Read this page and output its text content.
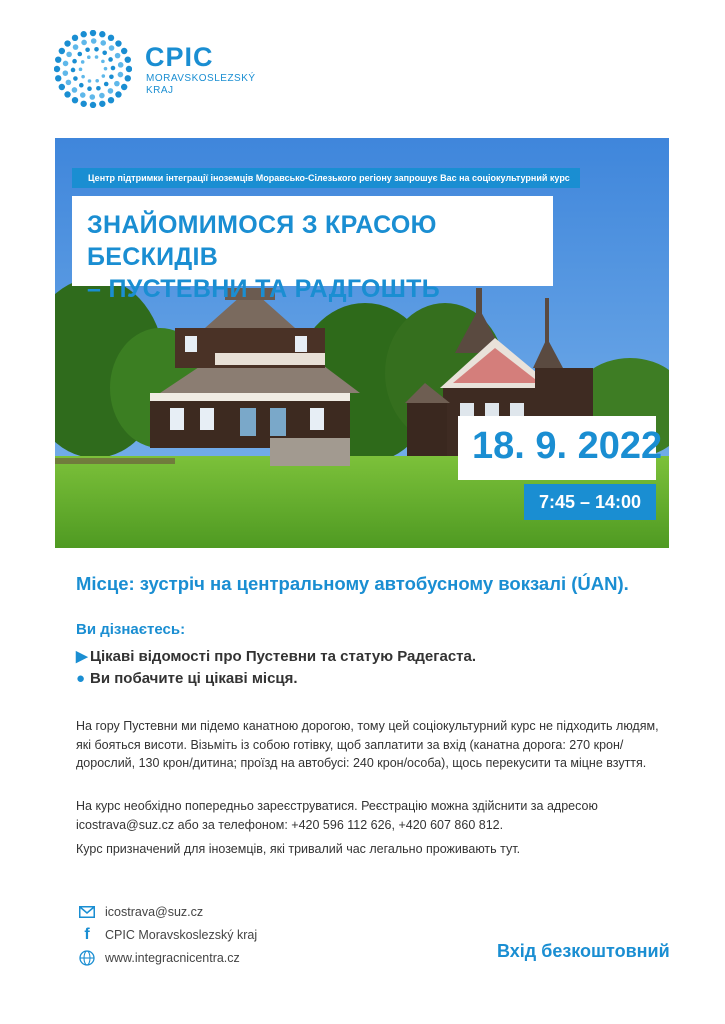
CPIC
MORAVSKOSLEZSKÝ
KRAJ
Центр підтримки інтеграції іноземців Моравсько-Сілезького регіону запрошує Вас на соціокультурний курс
ЗНАЙОМИМОСЯ З КРАСОЮ БЕСКИДІВ
– ПУСТЕВНИ ТА РАДГОШТЬ
18. 9. 2022
7:45 – 14:00
Місце: зустріч на центральному автобусному вокзалі (ÚAN).
Ви дізнаєтесь:
▶ Цікаві відомості про Пустевни та статую Радегаста.
● Ви побачите ці цікаві місця.
На гору Пустевни ми підемо канатною дорогою, тому цей соціокультурний курс не підходить людям, які бояться висоти. Візьміть із собою готівку, щоб заплатити за вхід (канатна дорога: 270 крон/дорослий, 130 крон/дитина; проїзд на автобусі: 240 крон/особа), щось перекусити та міцне взуття.
На курс необхідно попередньо зареєструватися. Реєстрацію можна здійснити за адресою icostrava@suz.cz або за телефоном: +420 596 112 626, +420 607 860 812.
Курс призначений для іноземців, які тривалий час легально проживають тут.
icostrava@suz.cz
f	CPIC Moravskoslezský kraj
www.integracnicentra.cz	Вхід безкоштовний
